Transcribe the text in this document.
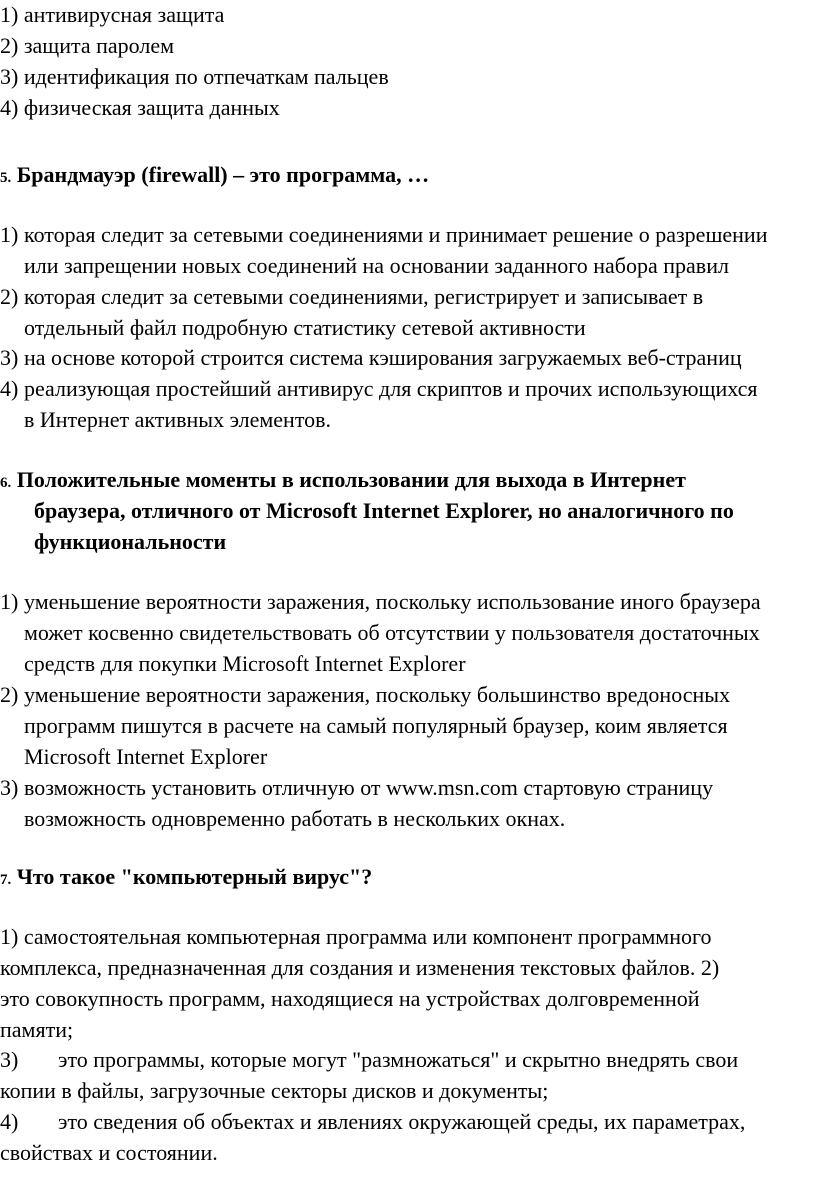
1) антивирусная защита
2) защита паролем
3) идентификация по отпечаткам пальцев
4) физическая защита данных
5. Брандмауэр (firewall) – это программа, …
1) которая следит за сетевыми соединениями и принимает решение о разрешении
или запрещении новых соединений на основании заданного набора правил
2) которая следит за сетевыми соединениями, регистрирует и записывает в
отдельный файл подробную статистику сетевой активности
3) на основе которой строится система кэширования загружаемых веб-страниц
4) реализующая простейший антивирус для скриптов и прочих использующихся
в Интернет активных элементов.
6. Положительные моменты в использовании для выхода в Интернет
браузера, отличного от Microsoft Internet Explorer, но аналогичного по
функциональности
1) уменьшение вероятности заражения, поскольку использование иного браузера
может косвенно свидетельствовать об отсутствии у пользователя достаточных
средств для покупки Microsoft Internet Explorer
2) уменьшение вероятности заражения, поскольку большинство вредоносных
программ пишутся в расчете на самый популярный браузер, коим является
Microsoft Internet Explorer
3) возможность установить отличную от www.msn.com стартовую страницу
возможность одновременно работать в нескольких окнах.
7. Что такое "компьютерный вирус"?
1) самостоятельная компьютерная программа или компонент программного
комплекса, предназначенная для создания и изменения текстовых файлов. 2)
это совокупность программ, находящиеся на устройствах долговременной
памяти;
3) это программы, которые могут "размножаться" и скрытно внедрять свои
копии в файлы, загрузочные секторы дисков и документы;
4) это сведения об объектах и явлениях окружающей среды, их параметрах,
свойствах и состоянии.
